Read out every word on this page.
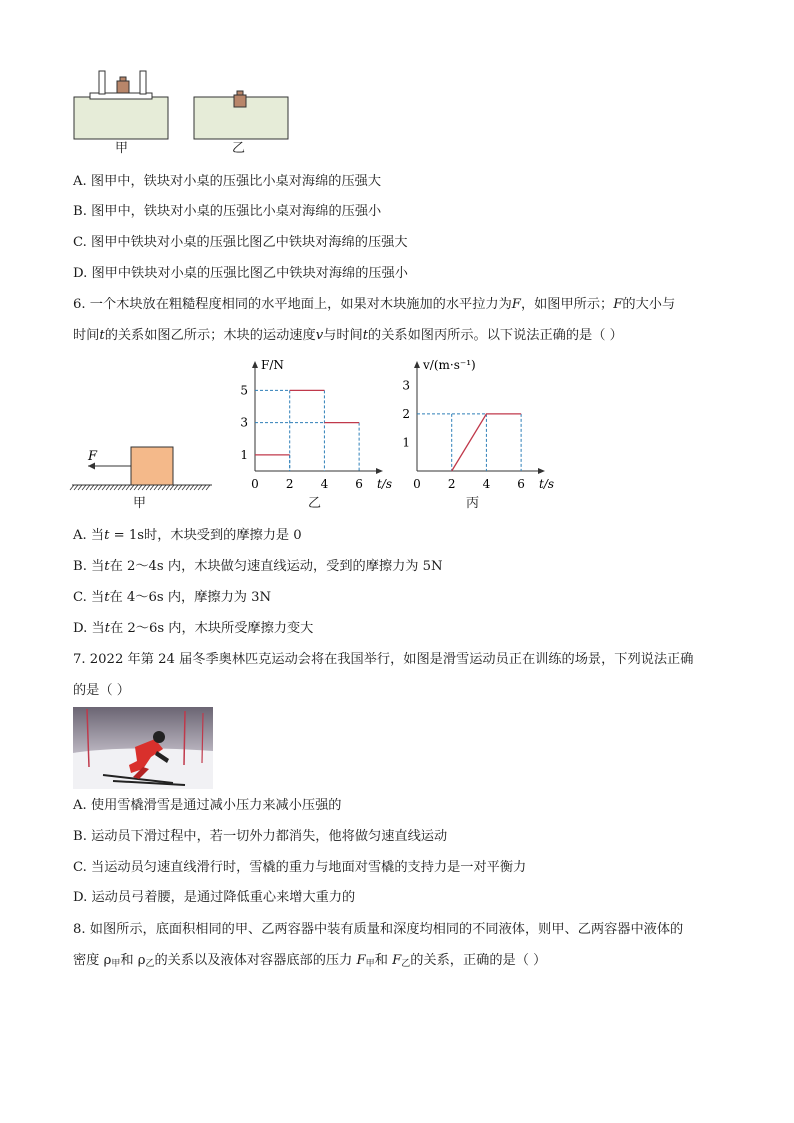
甲	乙
A. 图甲中，铁块对小桌的压强比小桌对海绵的压强大
B. 图甲中，铁块对小桌的压强比小桌对海绵的压强小
C. 图甲中铁块对小桌的压强比图乙中铁块对海绵的压强大
D. 图甲中铁块对小桌的压强比图乙中铁块对海绵的压强小
6. 一个木块放在粗糙程度相同的水平地面上，如果对木块施加的水平拉力为F，如图甲所示；F的大小与
时间t的关系如图乙所示；木块的运动速度v与时间t的关系如图丙所示。以下说法正确的是（ ）
F
甲
F/N
t/s
0 2 4 6
1
3
5
乙
v/(m·s⁻¹)
t/s
0 2 4 6
1
2
3
丙
A. 当t = 1s时，木块受到的摩擦力是 0
B. 当t在 2～4s 内，木块做匀速直线运动，受到的摩擦力为 5N
C. 当t在 4～6s 内，摩擦力为 3N
D. 当t在 2～6s 内，木块所受摩擦力变大
7. 2022 年第 24 届冬季奥林匹克运动会将在我国举行，如图是滑雪运动员正在训练的场景，下列说法正确
的是（ ）
A. 使用雪橇滑雪是通过减小压力来减小压强的
B. 运动员下滑过程中，若一切外力都消失，他将做匀速直线运动
C. 当运动员匀速直线滑行时，雪橇的重力与地面对雪橇的支持力是一对平衡力
D. 运动员弓着腰，是通过降低重心来增大重力的
8. 如图所示，底面积相同的甲、乙两容器中装有质量和深度均相同的不同液体，则甲、乙两容器中液体的
密度 $\rho_甲$和 $\rho_乙$的关系以及液体对容器底部的压力 $F_甲$和 $F_乙$的关系，正确的是（ ）
